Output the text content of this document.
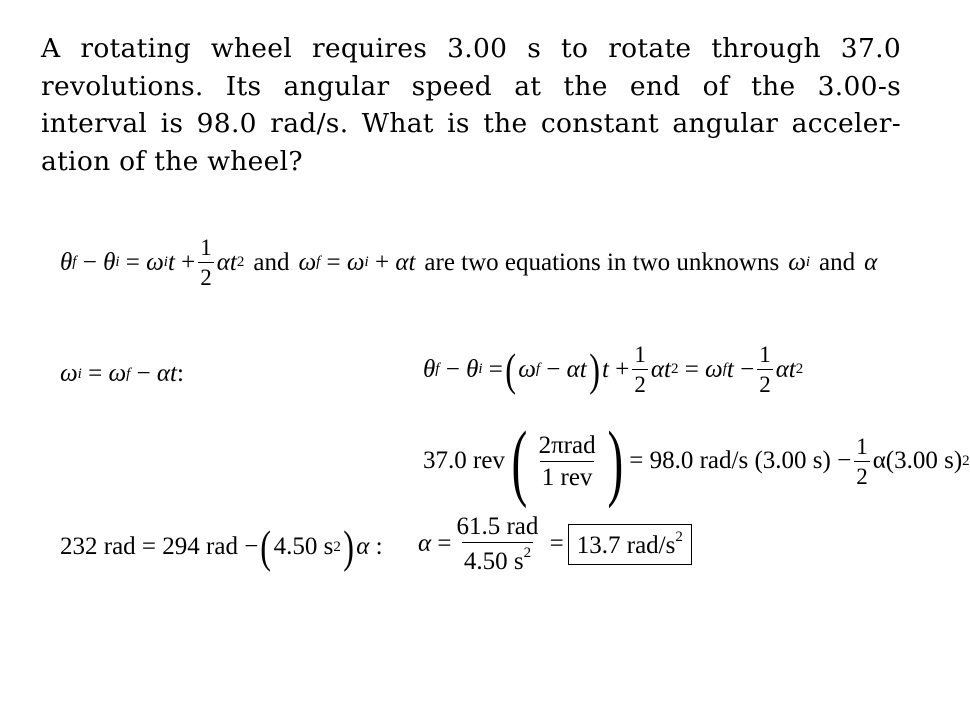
A rotating wheel requires 3.00 s to rotate through 37.0
revolutions. Its angular speed at the end of the 3.00-s
interval is 98.0 rad/s. What is the constant angular acceler-
ation of the wheel?
θ f − θ i = ω i $t + \frac{1}{2}$ αt 2 and ω f = ω i + αt are two equations in two unknowns ω i and α
ω i = ω f − αt :	θ f − θ i = ( ω f − αt ) $t + \frac{1}{2}$ αt 2 = ω f $t - \frac{1}{2}$ αt 2
37.0 rev ( $\frac{\text{2πrad}}{\text{1 rev}}$ ) = 98.0 rad/s (3.00 $s) - \frac{1}{2} \alpha(3.00$ s) 2
232 rad = 294 rad − ( 4.50 s 2 ) α : $\alpha = \frac{\text{61.5 rad}}{4.50 s^2} = 13.7$ rad/$s^2$
